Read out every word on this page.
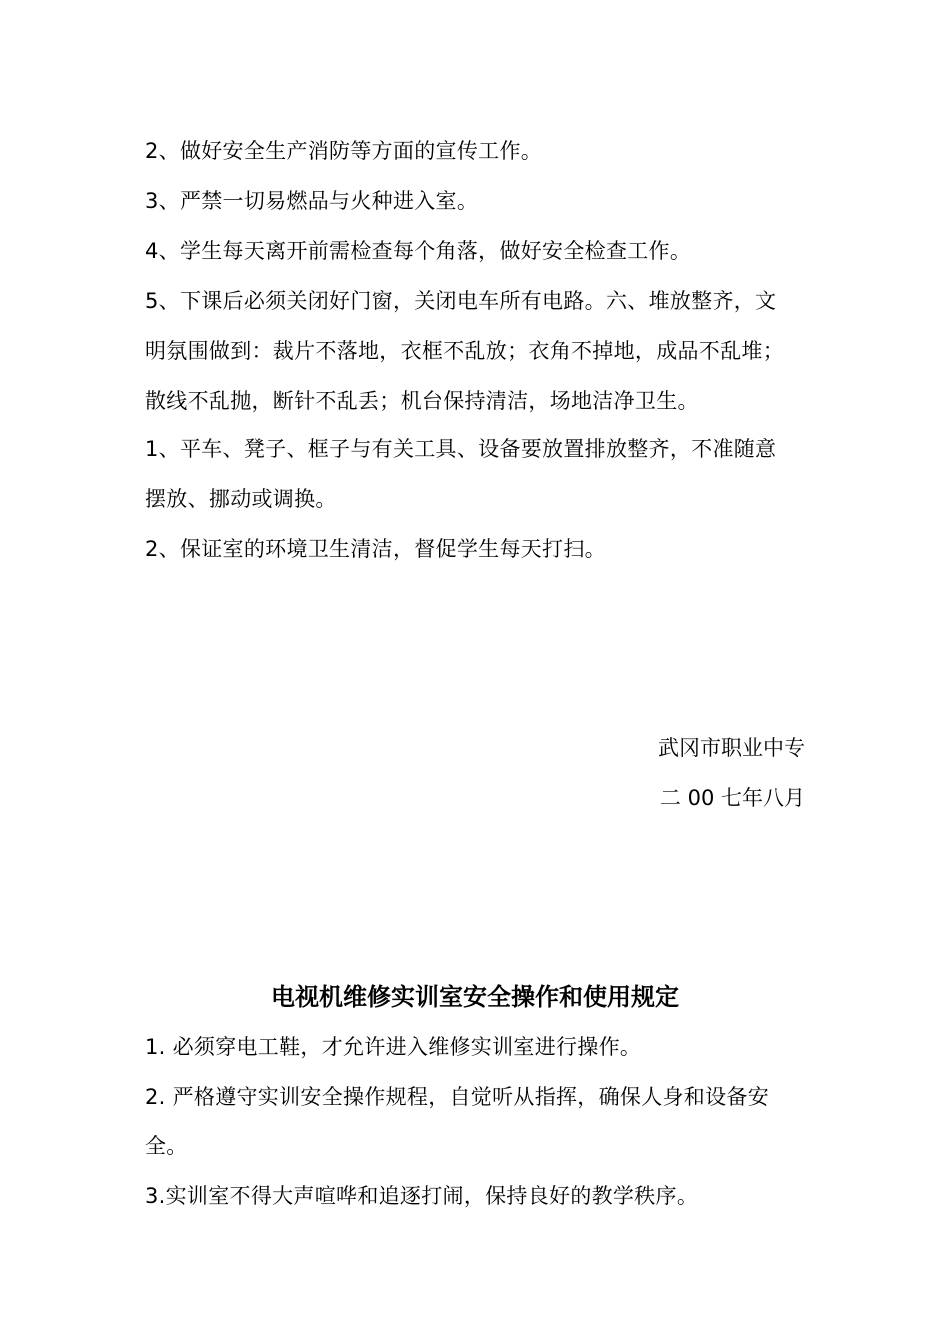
2、做好安全生产消防等方面的宣传工作。
3、严禁一切易燃品与火种进入室。
4、学生每天离开前需检查每个角落，做好安全检查工作。
5、下课后必须关闭好门窗，关闭电车所有电路。六、堆放整齐，文
明氛围做到：裁片不落地，衣框不乱放；衣角不掉地，成品不乱堆；
散线不乱抛，断针不乱丢；机台保持清洁，场地洁净卫生。
1、平车、凳子、框子与有关工具、设备要放置排放整齐，不准随意
摆放、挪动或调换。
2、保证室的环境卫生清洁，督促学生每天打扫。
武冈市职业中专
二 00 七年八月
电视机维修实训室安全操作和使用规定
1. 必须穿电工鞋，才允许进入维修实训室进行操作。
2. 严格遵守实训安全操作规程，自觉听从指挥，确保人身和设备安
全。
3.实训室不得大声喧哗和追逐打闹，保持良好的教学秩序。
